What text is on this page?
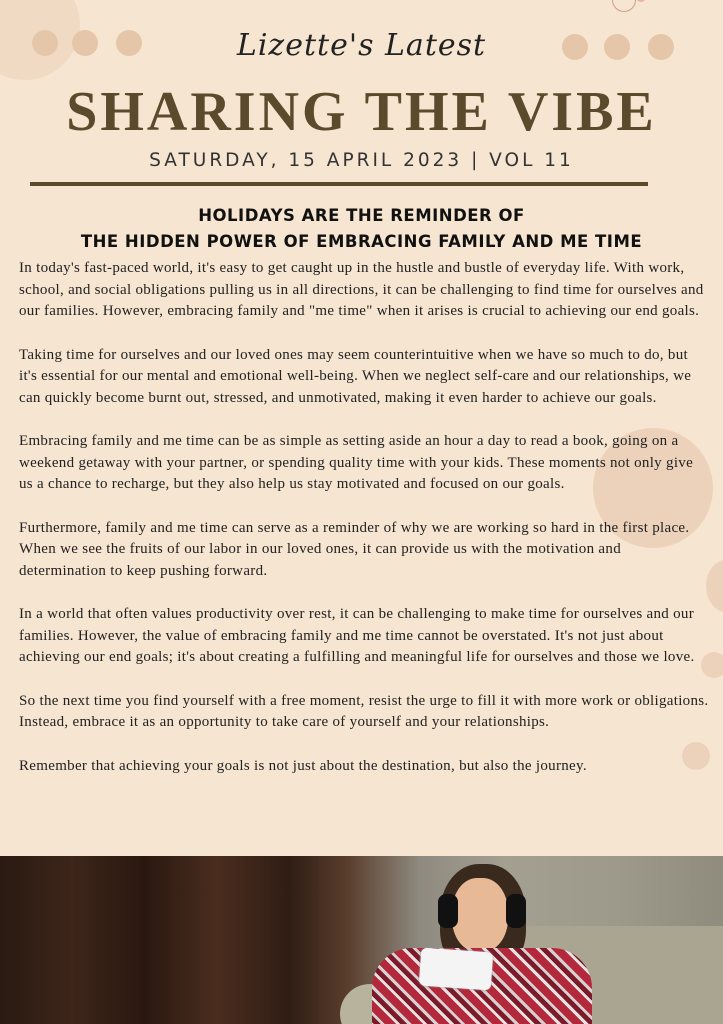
Lizette's Latest
SHARING THE VIBE
SATURDAY, 15 APRIL 2023 | VOL 11
HOLIDAYS ARE THE REMINDER OF
THE HIDDEN POWER OF EMBRACING FAMILY AND ME TIME

In today's fast-paced world, it's easy to get caught up in the hustle and bustle of everyday life. With work, school, and social obligations pulling us in all directions, it can be challenging to find time for ourselves and our families. However, embracing family and "me time" when it arises is crucial to achieving our end goals.

Taking time for ourselves and our loved ones may seem counterintuitive when we have so much to do, but it's essential for our mental and emotional well-being. When we neglect self-care and our relationships, we can quickly become burnt out, stressed, and unmotivated, making it even harder to achieve our goals.

Embracing family and me time can be as simple as setting aside an hour a day to read a book, going on a weekend getaway with your partner, or spending quality time with your kids. These moments not only give us a chance to recharge, but they also help us stay motivated and focused on our goals.

Furthermore, family and me time can serve as a reminder of why we are working so hard in the first place. When we see the fruits of our labor in our loved ones, it can provide us with the motivation and determination to keep pushing forward.

In a world that often values productivity over rest, it can be challenging to make time for ourselves and our families. However, the value of embracing family and me time cannot be overstated. It's not just about achieving our end goals; it's about creating a fulfilling and meaningful life for ourselves and those we love.

So the next time you find yourself with a free moment, resist the urge to fill it with more work or obligations. Instead, embrace it as an opportunity to take care of yourself and your relationships.

Remember that achieving your goals is not just about the destination, but also the journey.
